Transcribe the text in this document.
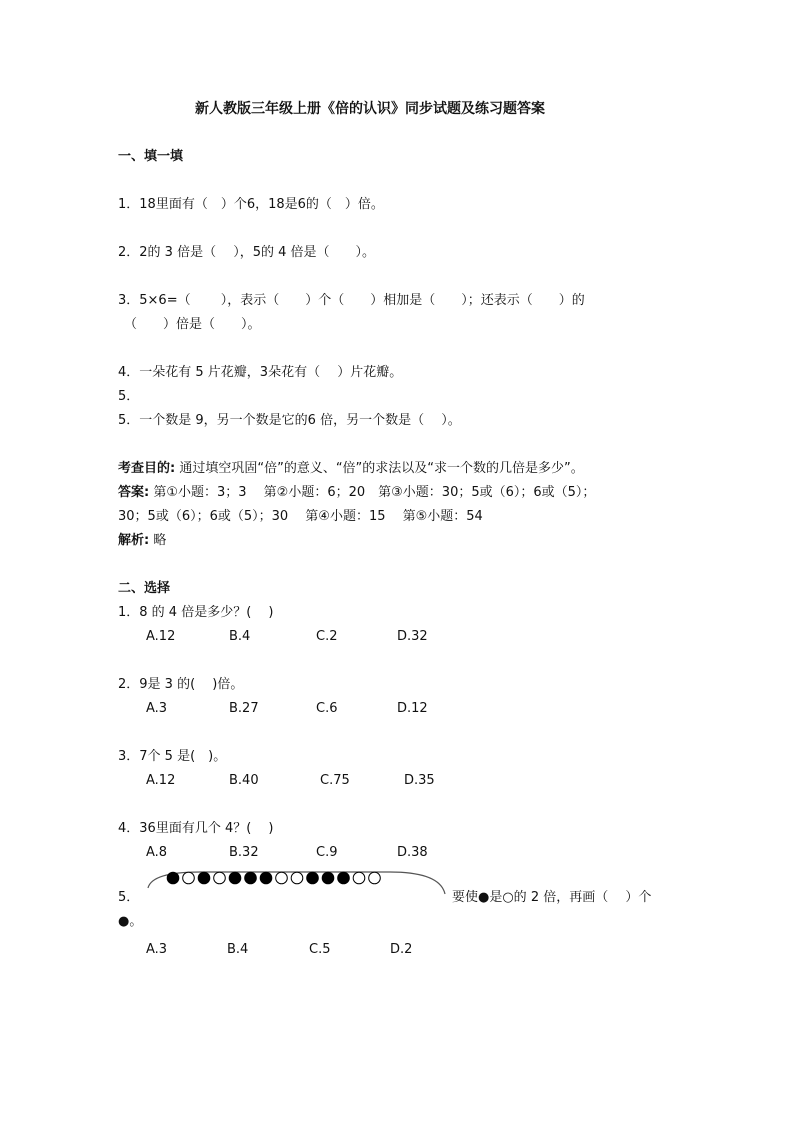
新人教版三年级上册《倍的认识》同步试题及练习题答案
一、填一填
1．18里面有（　）个6，18是6的（　）倍。
2．2的 3 倍是（　 ），5的 4 倍是（　　）。
3．5×6=（　　 ），表示（　　）个（　　）相加是（　　）；还表示（　　）的
（　　）倍是（　　）。
4．一朵花有 5 片花瓣，3朵花有（　 ）片花瓣。
5．
5．一个数是 9，另一个数是它的6 倍，另一个数是（　 ）。
考查目的: 通过填空巩固“倍”的意义、“倍”的求法以及“求一个数的几倍是多少”。
答案: 第①小题：3；3　 第②小题：6；20　第③小题：30；5或（6）；6或（5）；
30；5或（6）；6或（5）；30　 第④小题：15　 第⑤小题：54
解析: 略
二、选择
1．8 的 4 倍是多少？(　 )
A.12	B.4	C.2	D.32
2．9是 3 的(　 )倍。
A.3	B.27	C.6	D.12
3．7个 5 是(　)。
A.12	B.40	C.75	D.35
4．36里面有几个 4？(　 )
A.8	B.32	C.9	D.38
5．	要使●是○的 2 倍，再画（　 ）个
●。
A.3	B.4	C.5	D.2
